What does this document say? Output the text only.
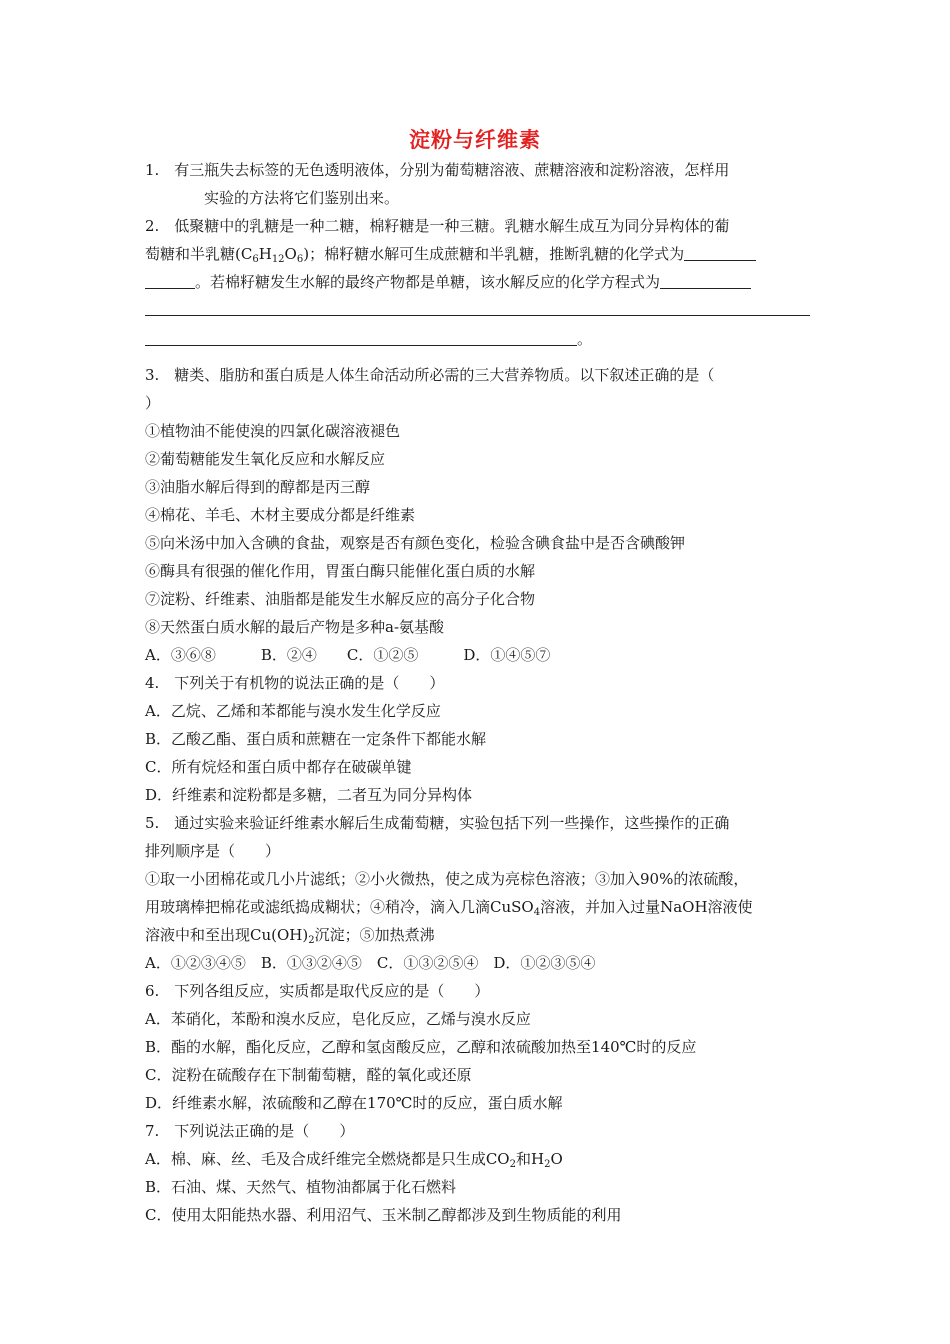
淀粉与纤维素
1.　有三瓶失去标签的无色透明液体，分别为葡萄糖溶液、蔗糖溶液和淀粉溶液，怎样用
实验的方法将它们鉴别出来。
2.　低聚糖中的乳糖是一种二糖，棉籽糖是一种三糖。乳糖水解生成互为同分异构体的葡
萄糖和半乳糖$(C_6H_{12}O_6)$；棉籽糖水解可生成蔗糖和半乳糖，推断乳糖的化学式为
。若棉籽糖发生水解的最终产物都是单糖，该水解反应的化学方程式为
。
3.　糖类、脂肪和蛋白质是人体生命活动所必需的三大营养物质。以下叙述正确的是（
）
①植物油不能使溴的四氯化碳溶液褪色
②葡萄糖能发生氧化反应和水解反应
③油脂水解后得到的醇都是丙三醇
④棉花、羊毛、木材主要成分都是纤维素
⑤向米汤中加入含碘的食盐，观察是否有颜色变化，检验含碘食盐中是否含碘酸钾
⑥酶具有很强的催化作用，胃蛋白酶只能催化蛋白质的水解
⑦淀粉、纤维素、油脂都是能发生水解反应的高分子化合物
⑧天然蛋白质水解的最后产物是多种a-氨基酸
A．③⑥⑧　　　B．②④　　C．①②⑤　　　D．①④⑤⑦
4.　下列关于有机物的说法正确的是（　　）
A．乙烷、乙烯和苯都能与溴水发生化学反应
B．乙酸乙酯、蛋白质和蔗糖在一定条件下都能水解
C．所有烷烃和蛋白质中都存在破碳单键
D．纤维素和淀粉都是多糖，二者互为同分异构体
5.　通过实验来验证纤维素水解后生成葡萄糖，实验包括下列一些操作，这些操作的正确
排列顺序是（　　）
①取一小团棉花或几小片滤纸；②小火微热，使之成为亮棕色溶液；③加入90%的浓硫酸，
用玻璃棒把棉花或滤纸捣成糊状；④稍冷，滴入几滴CuSO$_4$溶液，并加入过量NaOH溶液使
溶液中和至出现$Cu(OH)_2$沉淀；⑤加热煮沸
A．①②③④⑤　B．①③②④⑤　C．①③②⑤④　D．①②③⑤④
6.　下列各组反应，实质都是取代反应的是（　　）
A．苯硝化，苯酚和溴水反应，皂化反应，乙烯与溴水反应
B．酯的水解，酯化反应，乙醇和氢卤酸反应，乙醇和浓硫酸加热至140℃时的反应
C．淀粉在硫酸存在下制葡萄糖，醛的氧化或还原
D．纤维素水解，浓硫酸和乙醇在170℃时的反应，蛋白质水解
7.　下列说法正确的是（　　）
A．棉、麻、丝、毛及合成纤维完全燃烧都是只生成$CO_2$和$H_2O$
B．石油、煤、天然气、植物油都属于化石燃料
C．使用太阳能热水器、利用沼气、玉米制乙醇都涉及到生物质能的利用
